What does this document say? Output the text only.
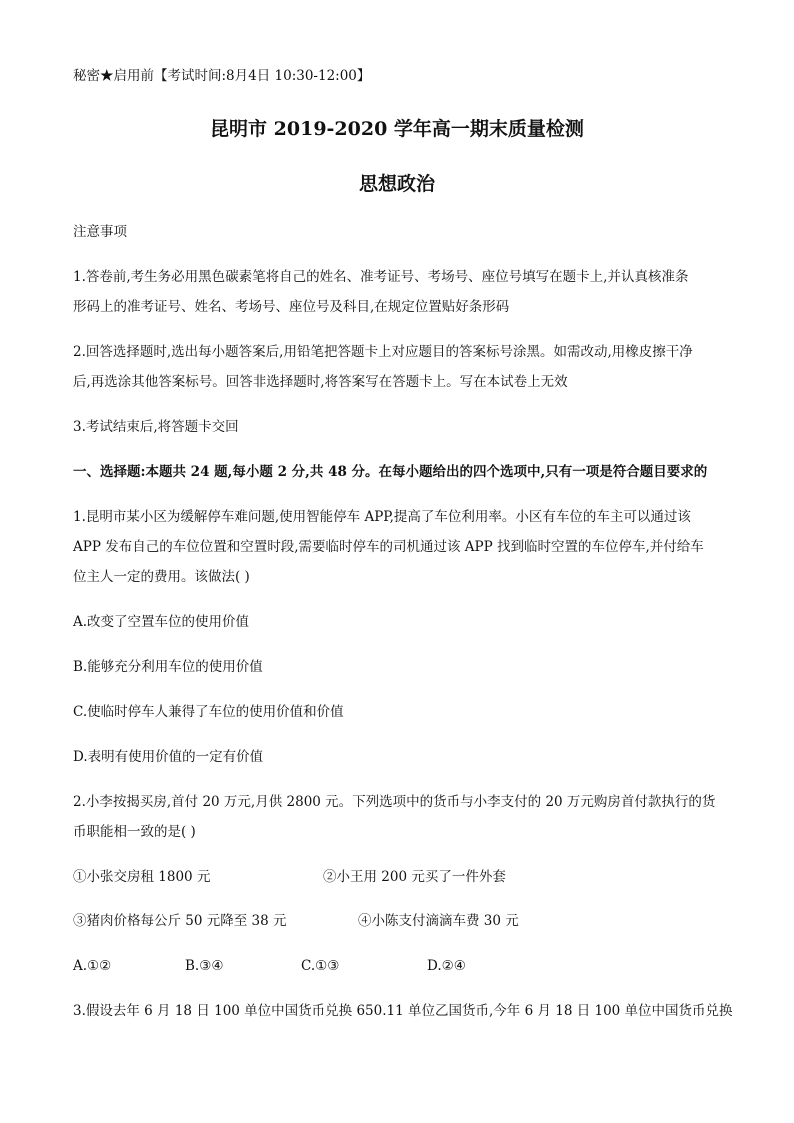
秘密★启用前【考试时间:8月4日 10:30-12:00】
昆明市 2019-2020 学年高一期末质量检测
思想政治
注意事项
1.答卷前,考生务必用黑色碳素笔将自己的姓名、准考证号、考场号、座位号填写在题卡上,并认真核准条
形码上的准考证号、姓名、考场号、座位号及科目,在规定位置贴好条形码
2.回答选择题时,选出每小题答案后,用铅笔把答题卡上对应题目的答案标号涂黑。如需改动,用橡皮擦干净
后,再选涂其他答案标号。回答非选择题时,将答案写在答题卡上。写在本试卷上无效
3.考试结束后,将答题卡交回
一、选择题:本题共 24 题,每小题 2 分,共 48 分。在每小题给出的四个选项中,只有一项是符合题目要求的
1.昆明市某小区为缓解停车难问题,使用智能停车 APP,提高了车位利用率。小区有车位的车主可以通过该
APP 发布自己的车位位置和空置时段,需要临时停车的司机通过该 APP 找到临时空置的车位停车,并付给车
位主人一定的费用。该做法( )
A.改变了空置车位的使用价值
B.能够充分利用车位的使用价值
C.使临时停车人兼得了车位的使用价值和价值
D.表明有使用价值的一定有价值
2.小李按揭买房,首付 20 万元,月供 2800 元。下列选项中的货币与小李支付的 20 万元购房首付款执行的货
币职能相一致的是( )
①小张交房租 1800 元	②小王用 200 元买了一件外套
③猪肉价格每公斤 50 元降至 38 元	④小陈支付滴滴车费 30 元
A.①②	B.③④	C.①③	D.②④
3.假设去年 6 月 18 日 100 单位中国货币兑换 650.11 单位乙国货币,今年 6 月 18 日 100 单位中国货币兑换
